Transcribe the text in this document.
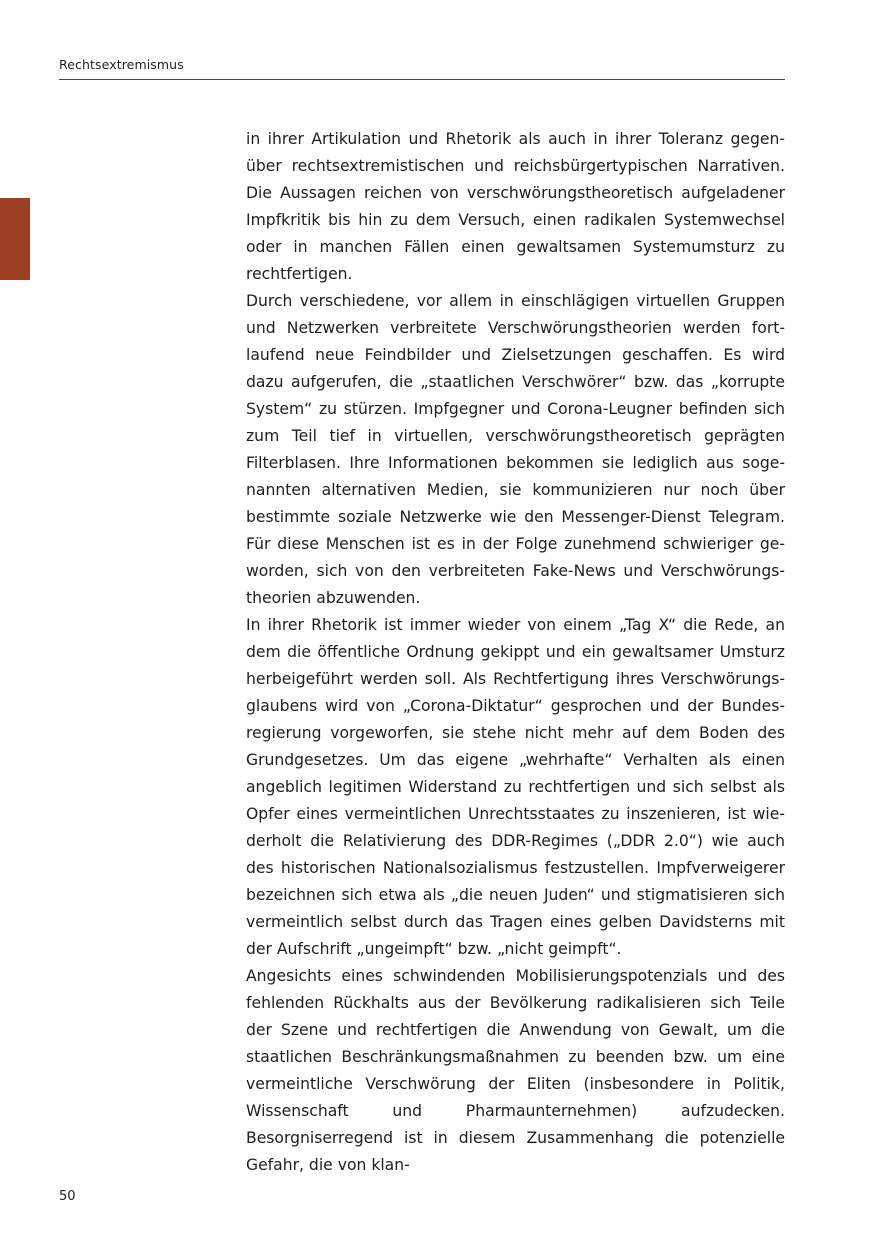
Rechtsextremismus

in ihrer Artikulation und Rhetorik als auch in ihrer Toleranz gegenüber rechtsextremistischen und reichsbürgertypischen Narrativen. Die Aussagen reichen von verschwörungstheoretisch aufgeladener Impfkritik bis hin zu dem Versuch, einen radikalen Systemwechsel oder in manchen Fällen einen gewaltsamen Systemumsturz zu rechtfertigen.

Durch verschiedene, vor allem in einschlägigen virtuellen Gruppen und Netzwerken verbreitete Verschwörungstheorien werden fortlaufend neue Feindbilder und Zielsetzungen geschaffen. Es wird dazu aufgerufen, die „staatlichen Verschwörer“ bzw. das „korrupte System“ zu stürzen. Impfgegner und Corona-Leugner befinden sich zum Teil tief in virtuellen, verschwörungstheoretisch geprägten Filterblasen. Ihre Informationen bekommen sie lediglich aus sogenannten alternativen Medien, sie kommunizieren nur noch über bestimmte soziale Netzwerke wie den Messenger-Dienst Telegram. Für diese Menschen ist es in der Folge zunehmend schwieriger geworden, sich von den verbreiteten Fake-News und Verschwörungstheorien abzuwenden.

In ihrer Rhetorik ist immer wieder von einem „Tag X“ die Rede, an dem die öffentliche Ordnung gekippt und ein gewaltsamer Umsturz herbeigeführt werden soll. Als Rechtfertigung ihres Verschwörungsglaubens wird von „Corona-Diktatur“ gesprochen und der Bundesregierung vorgeworfen, sie stehe nicht mehr auf dem Boden des Grundgesetzes. Um das eigene „wehrhafte“ Verhalten als einen angeblich legitimen Widerstand zu rechtfertigen und sich selbst als Opfer eines vermeintlichen Unrechtsstaates zu inszenieren, ist wiederholt die Relativierung des DDR-Regimes („DDR 2.0“) wie auch des historischen Nationalsozialismus festzustellen. Impfverweigerer bezeichnen sich etwa als „die neuen Juden“ und stigmatisieren sich vermeintlich selbst durch das Tragen eines gelben Davidsterns mit der Aufschrift „ungeimpft“ bzw. „nicht geimpft“.

Angesichts eines schwindenden Mobilisierungspotenzials und des fehlenden Rückhalts aus der Bevölkerung radikalisieren sich Teile der Szene und rechtfertigen die Anwendung von Gewalt, um die staatlichen Beschränkungsmaßnahmen zu beenden bzw. um eine vermeintliche Verschwörung der Eliten (insbesondere in Politik, Wissenschaft und Pharmaunternehmen) aufzudecken. Besorgniserregend ist in diesem Zusammenhang die potenzielle Gefahr, die von klan-

50
